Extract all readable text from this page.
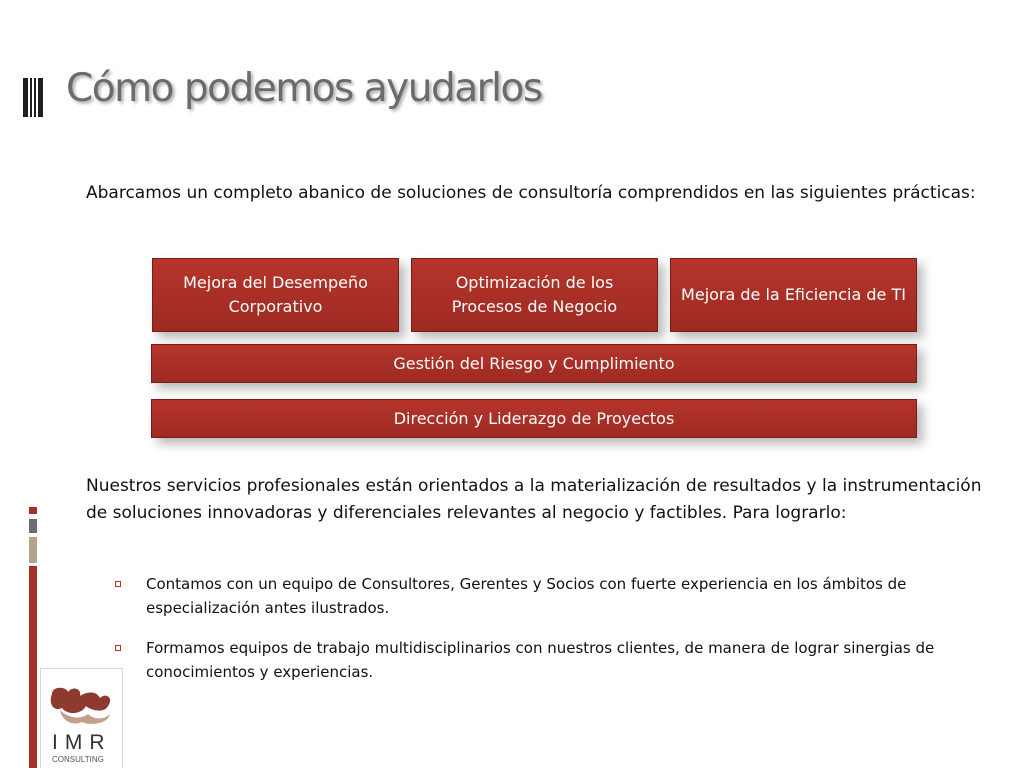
Cómo podemos ayudarlos
Abarcamos un completo abanico de soluciones de consultoría comprendidos en las siguientes prácticas:
Mejora del Desempeño Corporativo
Optimización de los Procesos de Negocio
Mejora de la Eficiencia de TI
Gestión del Riesgo y Cumplimiento
Dirección y Liderazgo de Proyectos
Nuestros servicios profesionales están orientados a la materialización de resultados y la instrumentación de soluciones innovadoras y diferenciales relevantes al negocio y factibles. Para lograrlo:
Contamos con un equipo de Consultores, Gerentes y Socios con fuerte experiencia en los ámbitos de especialización antes ilustrados.
Formamos equipos de trabajo multidisciplinarios con nuestros clientes, de manera de lograr sinergias de conocimientos y experiencias.
IMR
CONSULTING
